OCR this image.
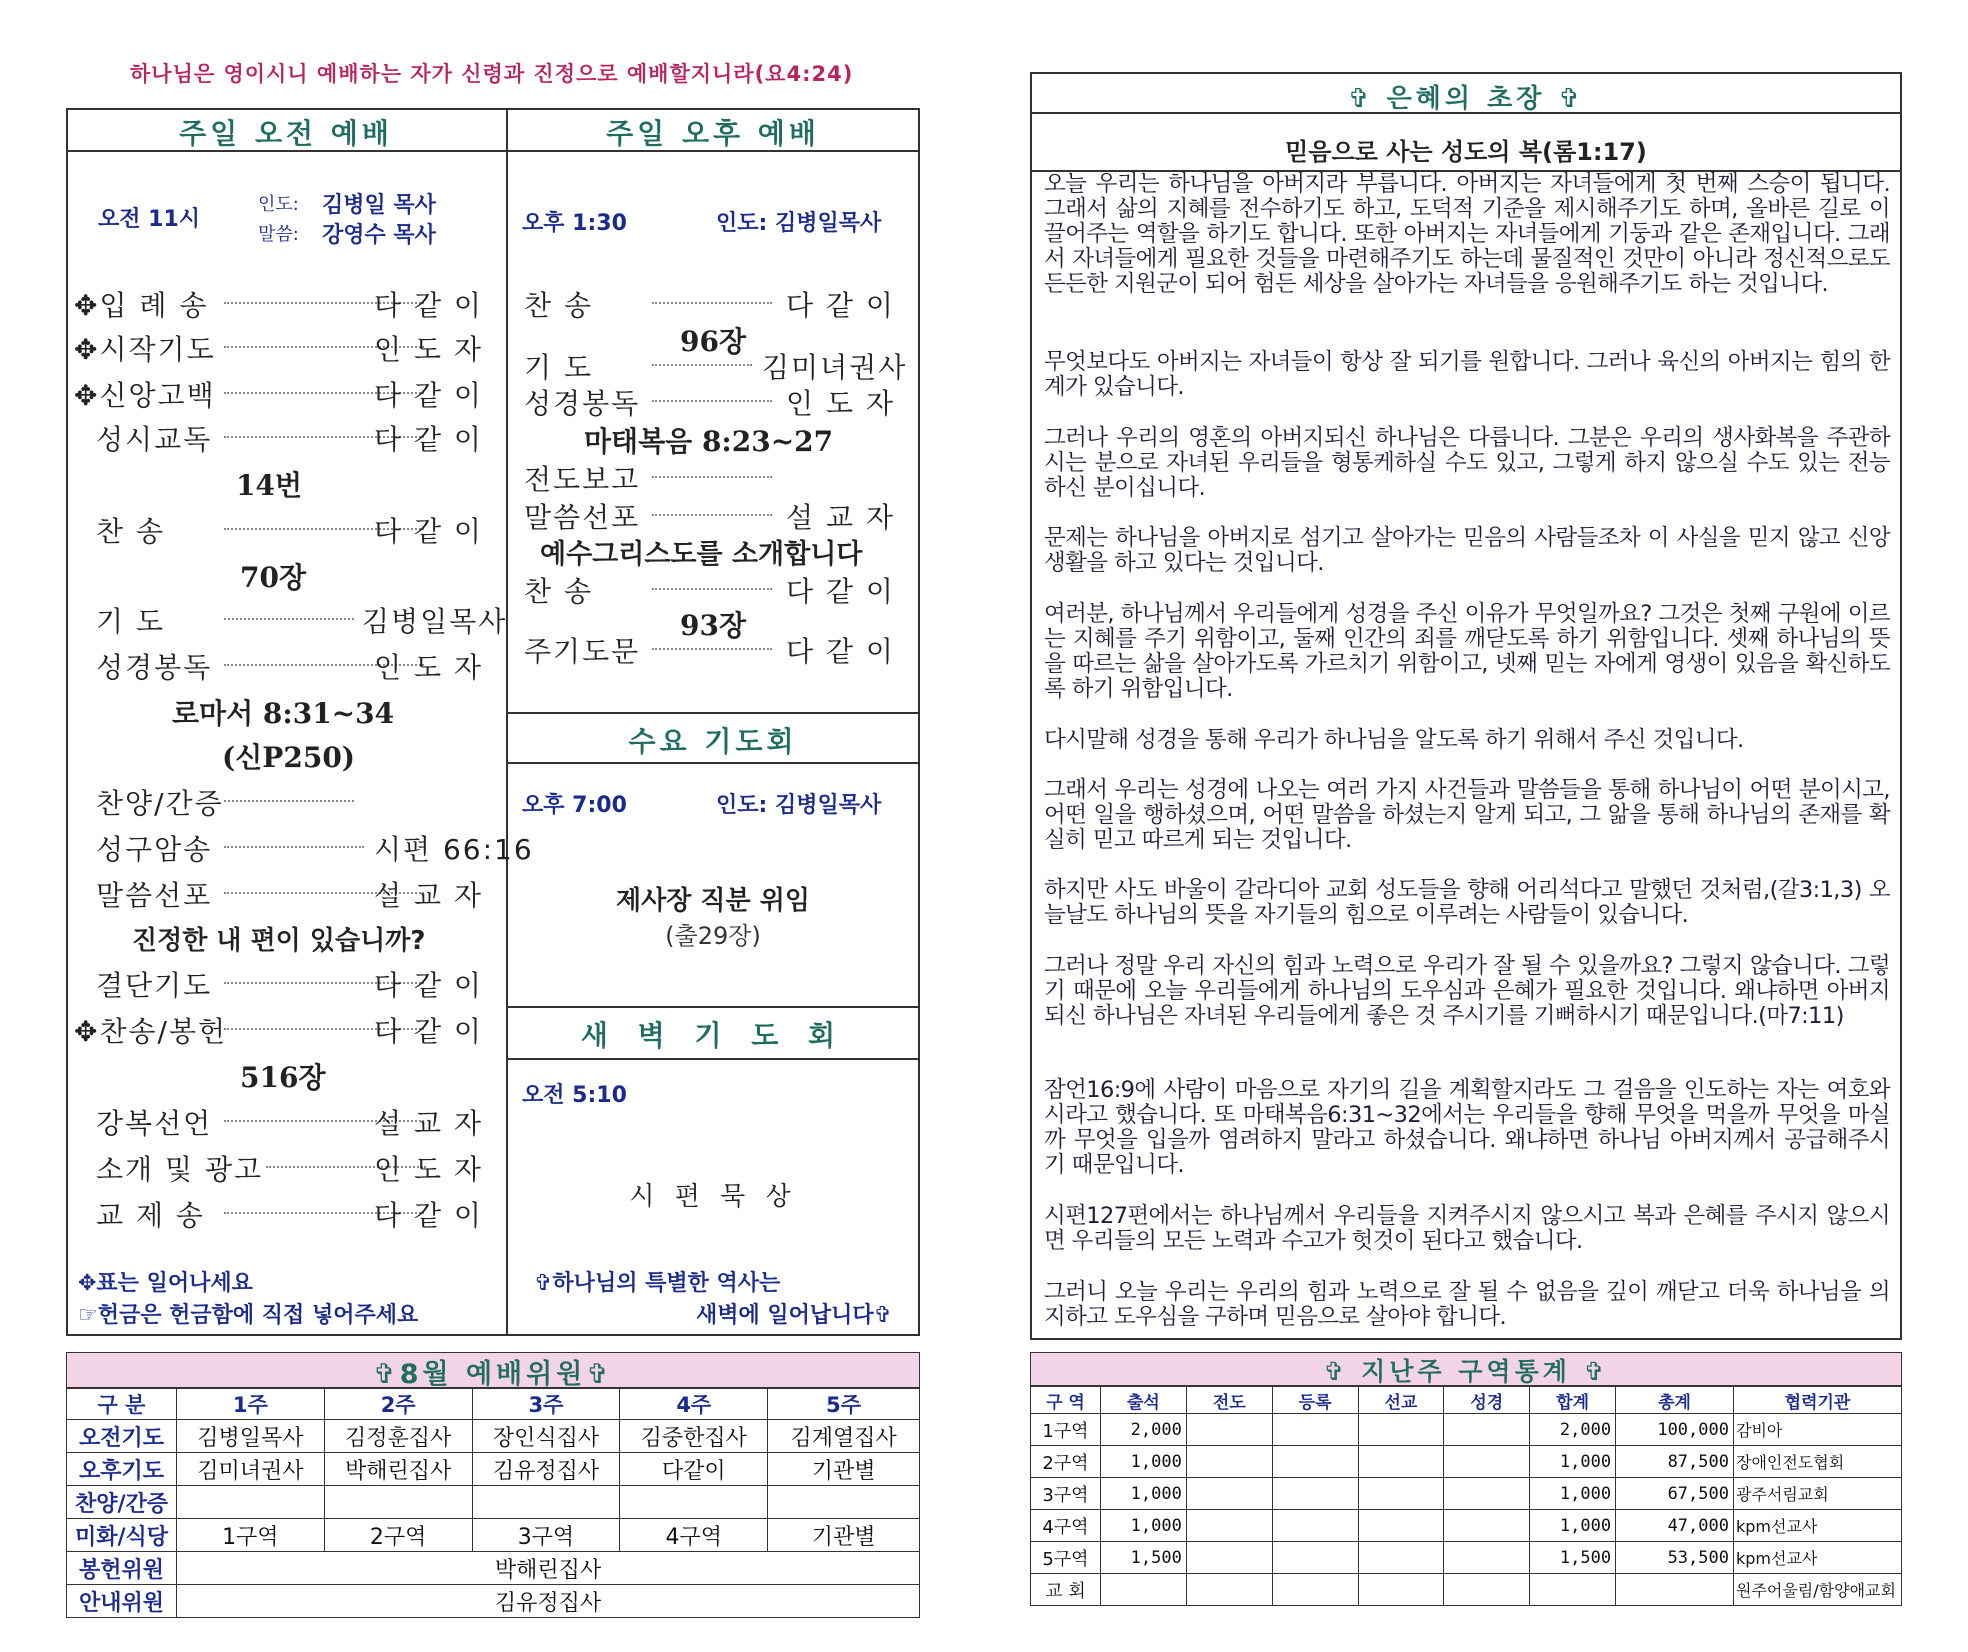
하나님은 영이시니 예배하는 자가 신령과 진정으로 예배할지니라(요4:24)
주일 오전 예배
오전 11시
인도: 김병일 목사
말씀: 강영수 목사
✥입 례 송	다 같 이
✥시작기도	인 도 자
✥신앙고백	다 같 이
성시교독	다 같 이
14번
찬 송	다 같 이
70장
기 도	김병일목사
성경봉독	인 도 자
로마서 8:31~34
(신P250)
찬양/간증
성구암송	시편 66:16
말씀선포	설 교 자
진정한 내 편이 있습니까?
결단기도	다 같 이
✥찬송/봉헌	다 같 이
516장
강복선언	설 교 자
소개 및 광고	인 도 자
교 제 송	다 같 이
✥표는 일어나세요
☞헌금은 헌금함에 직접 넣어주세요
주일 오후 예배
오후 1:30	인도: 김병일목사
찬 송	다 같 이
96장
기 도	김미녀권사
성경봉독	인 도 자
마태복음 8:23~27
전도보고
말씀선포	설 교 자
예수그리스도를 소개합니다
찬 송	다 같 이
93장
주기도문	다 같 이
수요 기도회
오후 7:00	인도: 김병일목사
제사장 직분 위임
(출29장)
새 벽 기 도 회
오전 5:10
시 편 묵 상
✞하나님의 특별한 역사는
새벽에 일어납니다✞
✞8월 예배위원✞
구 분	1주	2주	3주	4주	5주
오전기도	김병일목사	김정훈집사	장인식집사	김중한집사	김계열집사
오후기도	김미녀권사	박해린집사	김유정집사	다같이	기관별
찬양/간증					
미화/식당	1구역	2구역	3구역	4구역	기관별
봉헌위원	박해린집사				
안내위원	김유정집사				
✞ 은혜의 초장 ✞
믿음으로 사는 성도의 복(롬1:17)

오늘 우리는 하나님을 아버지라 부릅니다. 아버지는 자녀들에게 첫 번째 스승이 됩니다. 그래서 삶의 지혜를 전수하기도 하고, 도덕적 기준을 제시해주기도 하며, 올바른 길로 이끌어주는 역할을 하기도 합니다. 또한 아버지는 자녀들에게 기둥과 같은 존재입니다. 그래서 자녀들에게 필요한 것들을 마련해주기도 하는데 물질적인 것만이 아니라 정신적으로도 든든한 지원군이 되어 험든 세상을 살아가는 자녀들을 응원해주기도 하는 것입니다.

무엇보다도 아버지는 자녀들이 항상 잘 되기를 원합니다. 그러나 육신의 아버지는 힘의 한계가 있습니다.

그러나 우리의 영혼의 아버지되신 하나님은 다릅니다. 그분은 우리의 생사화복을 주관하시는 분으로 자녀된 우리들을 형통케하실 수도 있고, 그렇게 하지 않으실 수도 있는 전능하신 분이십니다.

문제는 하나님을 아버지로 섬기고 살아가는 믿음의 사람들조차 이 사실을 믿지 않고 신앙생활을 하고 있다는 것입니다.

여러분, 하나님께서 우리들에게 성경을 주신 이유가 무엇일까요? 그것은 첫째 구원에 이르는 지혜를 주기 위함이고, 둘째 인간의 죄를 깨닫도록 하기 위함입니다. 셋째 하나님의 뜻을 따르는 삶을 살아가도록 가르치기 위함이고, 넷째 믿는 자에게 영생이 있음을 확신하도록 하기 위함입니다.

다시말해 성경을 통해 우리가 하나님을 알도록 하기 위해서 주신 것입니다.

그래서 우리는 성경에 나오는 여러 가지 사건들과 말씀들을 통해 하나님이 어떤 분이시고, 어떤 일을 행하셨으며, 어떤 말씀을 하셨는지 알게 되고, 그 앎을 통해 하나님의 존재를 확실히 믿고 따르게 되는 것입니다.

하지만 사도 바울이 갈라디아 교회 성도들을 향해 어리석다고 말했던 것처럼,(갈3:1,3) 오늘날도 하나님의 뜻을 자기들의 힘으로 이루려는 사람들이 있습니다.

그러나 정말 우리 자신의 힘과 노력으로 우리가 잘 될 수 있을까요? 그렇지 않습니다. 그렇기 때문에 오늘 우리들에게 하나님의 도우심과 은혜가 필요한 것입니다. 왜냐하면 아버지되신 하나님은 자녀된 우리들에게 좋은 것 주시기를 기뻐하시기 때문입니다.(마7:11)

잠언16:9에 사람이 마음으로 자기의 길을 계획할지라도 그 걸음을 인도하는 자는 여호와시라고 했습니다. 또 마태복음6:31~32에서는 우리들을 향해 무엇을 먹을까 무엇을 마실까 무엇을 입을까 염려하지 말라고 하셨습니다. 왜냐하면 하나님 아버지께서 공급해주시기 때문입니다.

시편127편에서는 하나님께서 우리들을 지켜주시지 않으시고 복과 은혜를 주시지 않으시면 우리들의 모든 노력과 수고가 헛것이 된다고 했습니다.

그러니 오늘 우리는 우리의 힘과 노력으로 잘 될 수 없음을 깊이 깨닫고 더욱 하나님을 의지하고 도우심을 구하며 믿음으로 살아야 합니다.

✞ 지난주 구역통계 ✞
구 역	출석	전도	등록	선교	성경	합계	총계	협력기관
1구역	2,000					2,000	100,000	감비아
2구역	1,000					1,000	87,500	장애인전도협회
3구역	1,000					1,000	67,500	광주서림교회
4구역	1,000					1,000	47,000	kpm선교사
5구역	1,500					1,500	53,500	kpm선교사
교 회								원주어울림/함양애교회
